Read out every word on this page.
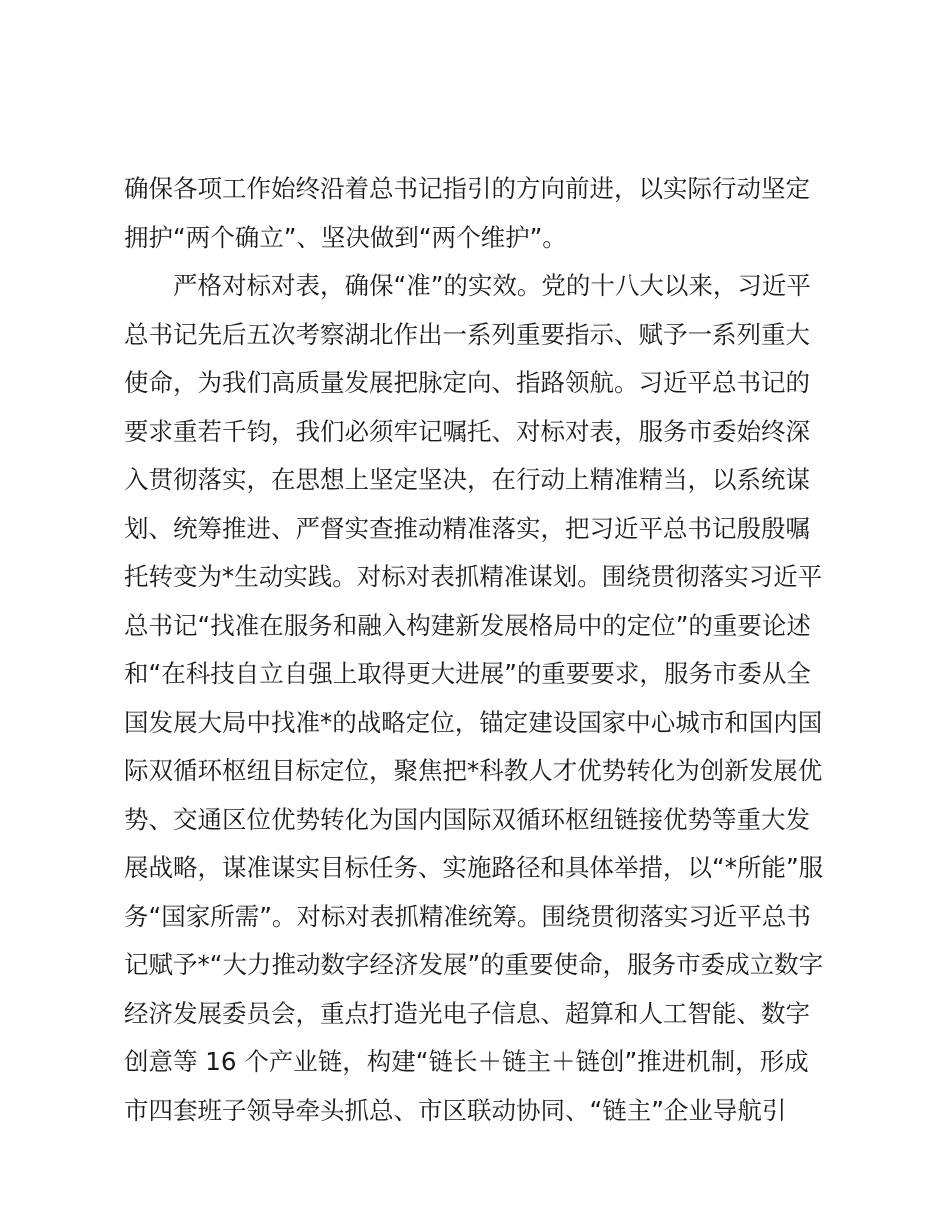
确保各项工作始终沿着总书记指引的方向前进，以实际行动坚定
拥护“两个确立”、坚决做到“两个维护”。
严格对标对表，确保“准”的实效。党的十八大以来，习近平
总书记先后五次考察湖北作出一系列重要指示、赋予一系列重大
使命，为我们高质量发展把脉定向、指路领航。习近平总书记的
要求重若千钧，我们必须牢记嘱托、对标对表，服务市委始终深
入贯彻落实，在思想上坚定坚决，在行动上精准精当，以系统谋
划、统筹推进、严督实查推动精准落实，把习近平总书记殷殷嘱
托转变为*生动实践。对标对表抓精准谋划。围绕贯彻落实习近平
总书记“找准在服务和融入构建新发展格局中的定位”的重要论述
和“在科技自立自强上取得更大进展”的重要要求，服务市委从全
国发展大局中找准*的战略定位，锚定建设国家中心城市和国内国
际双循环枢纽目标定位，聚焦把*科教人才优势转化为创新发展优
势、交通区位优势转化为国内国际双循环枢纽链接优势等重大发
展战略，谋准谋实目标任务、实施路径和具体举措，以“*所能”服
务“国家所需”。对标对表抓精准统筹。围绕贯彻落实习近平总书
记赋予*“大力推动数字经济发展”的重要使命，服务市委成立数字
经济发展委员会，重点打造光电子信息、超算和人工智能、数字
创意等 16 个产业链，构建“链长＋链主＋链创”推进机制，形成
市四套班子领导牵头抓总、市区联动协同、“链主”企业导航引
